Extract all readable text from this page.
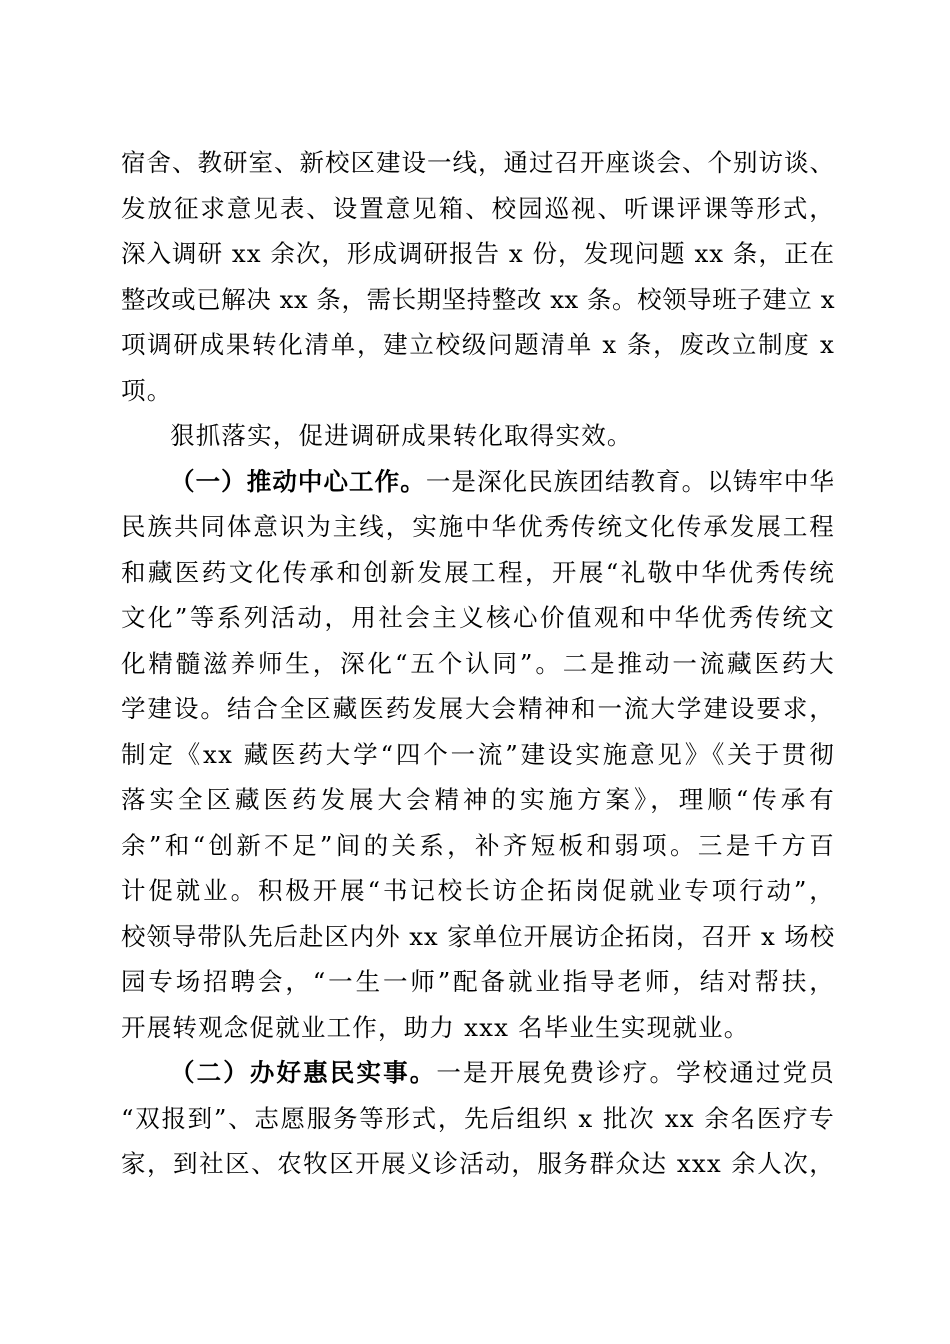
宿舍、教研室、新校区建设一线，通过召开座谈会、个别访谈、
发放征求意见表、设置意见箱、校园巡视、听课评课等形式，
深入调研 xx 余次，形成调研报告 x 份，发现问题 xx 条，正在
整改或已解决 xx 条，需长期坚持整改 xx 条。校领导班子建立 x
项调研成果转化清单，建立校级问题清单 x 条，废改立制度 x
项。
狠抓落实，促进调研成果转化取得实效。
（一）推动中心工作。一是深化民族团结教育。以铸牢中华
民族共同体意识为主线，实施中华优秀传统文化传承发展工程
和藏医药文化传承和创新发展工程，开展“礼敬中华优秀传统
文化”等系列活动，用社会主义核心价值观和中华优秀传统文
化精髓滋养师生，深化“五个认同”。二是推动一流藏医药大
学建设。结合全区藏医药发展大会精神和一流大学建设要求，
制定《xx 藏医药大学“四个一流”建设实施意见》《关于贯彻
落实全区藏医药发展大会精神的实施方案》，理顺“传承有
余”和“创新不足”间的关系，补齐短板和弱项。三是千方百
计促就业。积极开展“书记校长访企拓岗促就业专项行动”，
校领导带队先后赴区内外 xx 家单位开展访企拓岗，召开 x 场校
园专场招聘会，“一生一师”配备就业指导老师，结对帮扶，
开展转观念促就业工作，助力 xxx 名毕业生实现就业。
（二）办好惠民实事。一是开展免费诊疗。学校通过党员
“双报到”、志愿服务等形式，先后组织 x 批次 xx 余名医疗专
家，到社区、农牧区开展义诊活动，服务群众达 xxx 余人次，
